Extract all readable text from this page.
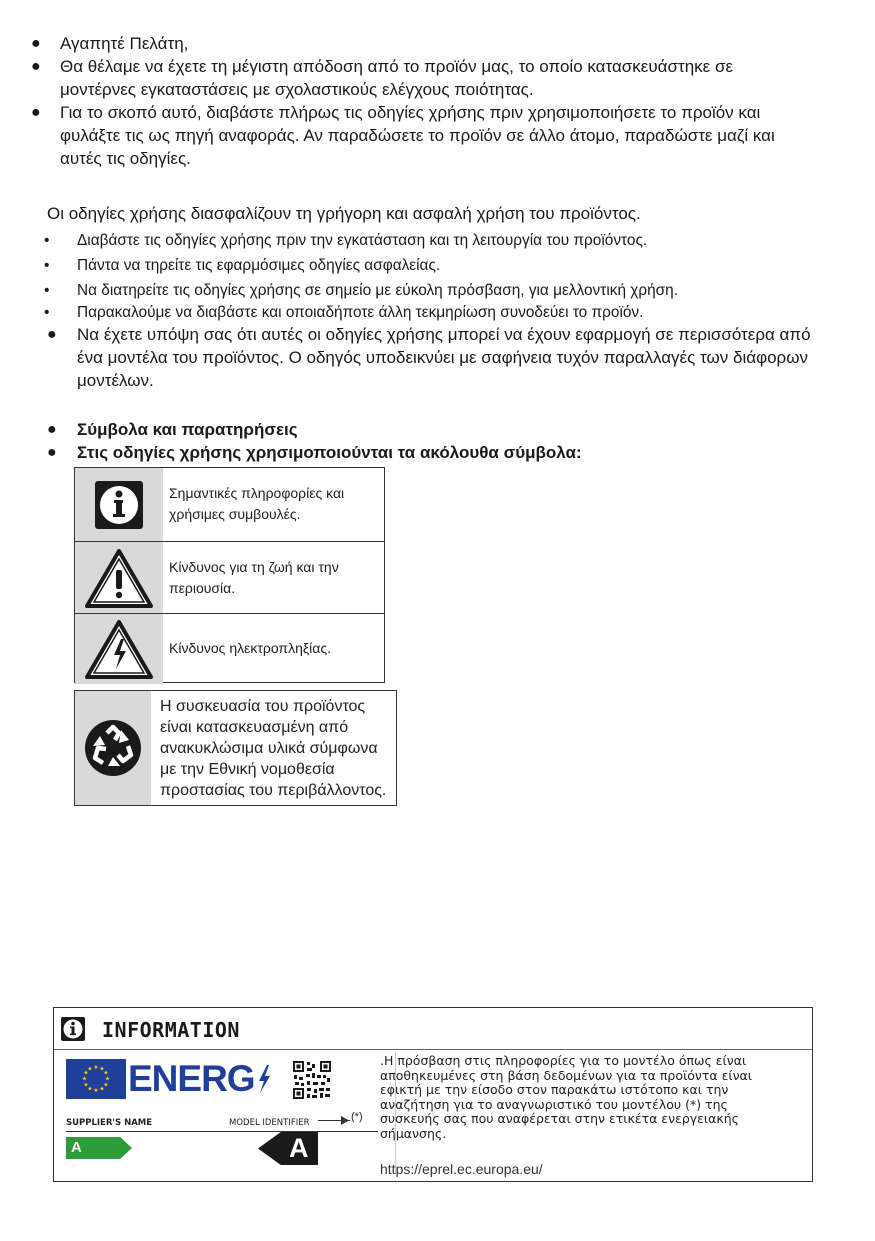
● Αγαπητέ Πελάτη,
● Θα θέλαμε να έχετε τη μέγιστη απόδοση από το προϊόν μας, το οποίο κατασκευάστηκε σε
μοντέρνες εγκαταστάσεις με σχολαστικούς ελέγχους ποιότητας.
● Για το σκοπό αυτό, διαβάστε πλήρως τις οδηγίες χρήσης πριν χρησιμοποιήσετε το προϊόν και
φυλάξτε τις ως πηγή αναφοράς. Αν παραδώσετε το προϊόν σε άλλο άτομο, παραδώστε μαζί και
αυτές τις οδηγίες.
Οι οδηγίες χρήσης διασφαλίζουν τη γρήγορη και ασφαλή χρήση του προϊόντος.
• Διαβάστε τις οδηγίες χρήσης πριν την εγκατάσταση και τη λειτουργία του προϊόντος.
• Πάντα να τηρείτε τις εφαρμόσιμες οδηγίες ασφαλείας.
• Να διατηρείτε τις οδηγίες χρήσης σε σημείο με εύκολη πρόσβαση, για μελλοντική χρήση.
• Παρακαλούμε να διαβάστε και οποιαδήποτε άλλη τεκμηρίωση συνοδεύει το προϊόν.
● Να έχετε υπόψη σας ότι αυτές οι οδηγίες χρήσης μπορεί να έχουν εφαρμογή σε περισσότερα από
ένα μοντέλα του προϊόντος. Ο οδηγός υποδεικνύει με σαφήνεια τυχόν παραλλαγές των διάφορων
μοντέλων.
● Σύμβολα και παρατηρήσεις
● Στις οδηγίες χρήσης χρησιμοποιούνται τα ακόλουθα σύμβολα:
Σημαντικές πληροφορίες και
χρήσιμες συμβουλές.
Κίνδυνος για τη ζωή και την
περιουσία.
Κίνδυνος ηλεκτροπληξίας.
Η συσκευασία του προϊόντος
είναι κατασκευασμένη από
ανακυκλώσιμα υλικά σύμφωνα
με την Εθνική νομοθεσία
προστασίας του περιβάλλοντος.
INFORMATION
★ ★
★
★
★
★
★
★
★
★
★
★ ENERG
SUPPLIER'S NAME	MODEL IDENTIFIER
A	A
(*)
.Η πρόσβαση στις πληροφορίες για το μοντέλο όπως είναι
αποθηκευμένες στη βάση δεδομένων για τα προϊόντα είναι
εφικτή με την είσοδο στον παρακάτω ιστότοπο και την
αναζήτηση για το αναγνωριστικό του μοντέλου (*) της
συσκευής σας που αναφέρεται στην ετικέτα ενεργειακής
σήμανσης.
https://eprel.ec.europa.eu/
